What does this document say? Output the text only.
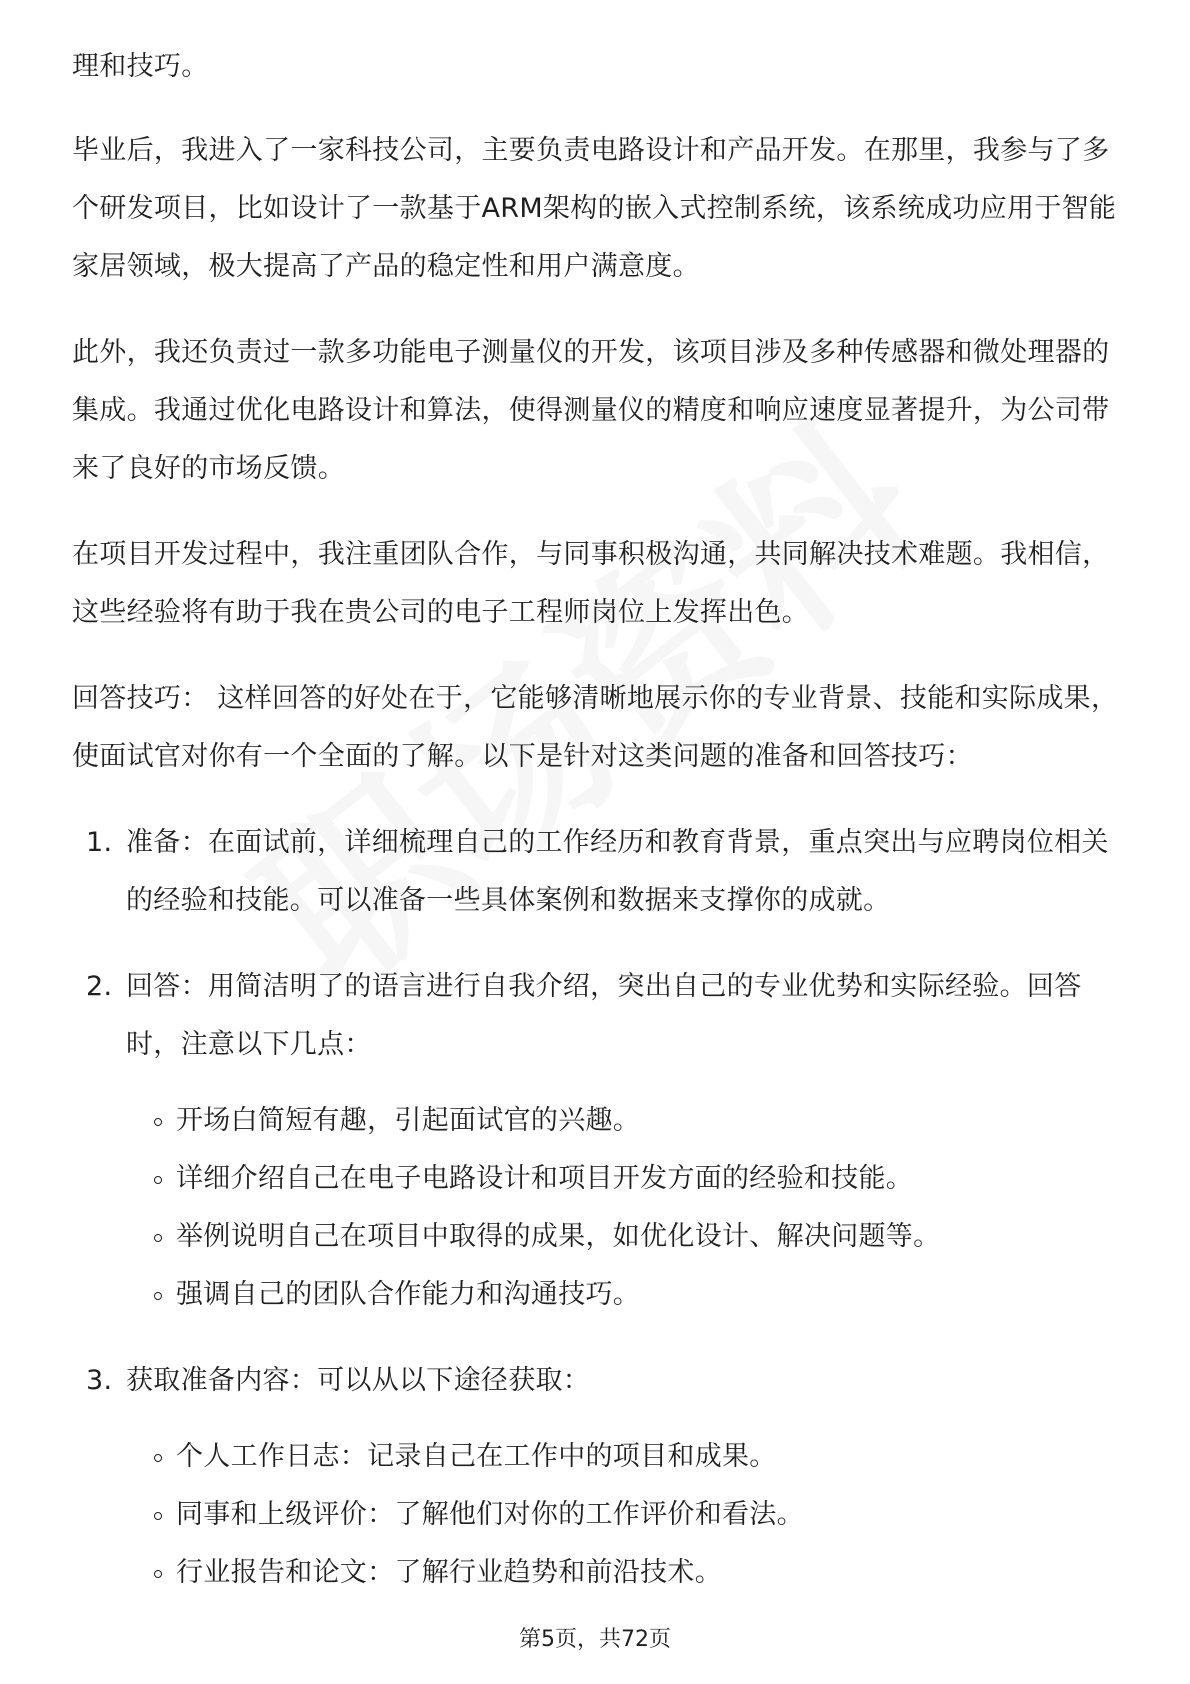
理和技巧。

毕业后，我进入了一家科技公司，主要负责电路设计和产品开发。在那里，我参与了多个研发项目，比如设计了一款基于ARM架构的嵌入式控制系统，该系统成功应用于智能家居领域，极大提高了产品的稳定性和用户满意度。

此外，我还负责过一款多功能电子测量仪的开发，该项目涉及多种传感器和微处理器的集成。我通过优化电路设计和算法，使得测量仪的精度和响应速度显著提升，为公司带来了良好的市场反馈。

在项目开发过程中，我注重团队合作，与同事积极沟通，共同解决技术难题。我相信，这些经验将有助于我在贵公司的电子工程师岗位上发挥出色。

回答技巧： 这样回答的好处在于，它能够清晰地展示你的专业背景、技能和实际成果，使面试官对你有一个全面的了解。以下是针对这类问题的准备和回答技巧：

1. 准备：在面试前，详细梳理自己的工作经历和教育背景，重点突出与应聘岗位相关的经验和技能。可以准备一些具体案例和数据来支撑你的成就。
2. 回答：用简洁明了的语言进行自我介绍，突出自己的专业优势和实际经验。回答时，注意以下几点：
开场白简短有趣，引起面试官的兴趣。
详细介绍自己在电子电路设计和项目开发方面的经验和技能。
举例说明自己在项目中取得的成果，如优化设计、解决问题等。
强调自己的团队合作能力和沟通技巧。
3. 获取准备内容：可以从以下途径获取：
个人工作日志：记录自己在工作中的项目和成果。
同事和上级评价：了解他们对你的工作评价和看法。
行业报告和论文：了解行业趋势和前沿技术。
第5页，共72页
